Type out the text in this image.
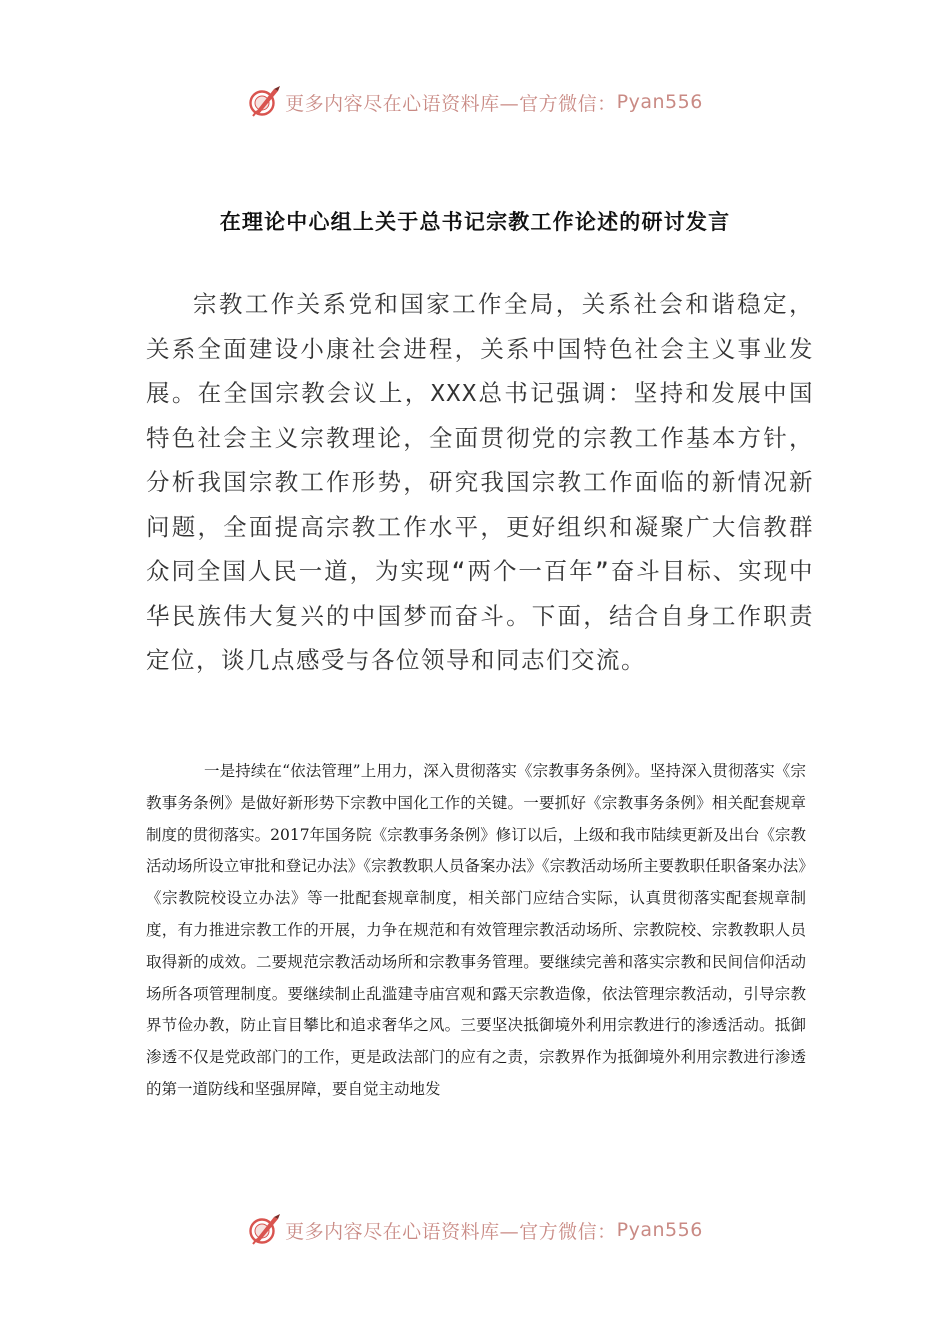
更多内容尽在心语资料库—官方微信： Pyan556
在理论中心组上关于总书记宗教工作论述的研讨发言

宗教工作关系党和国家工作全局，关系社会和谐稳定，关系全面建设小康社会进程，关系中国特色社会主义事业发展。在全国宗教会议上，XXX总书记强调：坚持和发展中国特色社会主义宗教理论，全面贯彻党的宗教工作基本方针，分析我国宗教工作形势，研究我国宗教工作面临的新情况新问题，全面提高宗教工作水平，更好组织和凝聚广大信教群众同全国人民一道，为实现“两个一百年”奋斗目标、实现中华民族伟大复兴的中国梦而奋斗。下面，结合自身工作职责定位，谈几点感受与各位领导和同志们交流。

一是持续在“依法管理”上用力，深入贯彻落实《宗教事务条例》。坚持深入贯彻落实《宗教事务条例》是做好新形势下宗教中国化工作的关键。一要抓好《宗教事务条例》相关配套规章制度的贯彻落实。2017年国务院《宗教事务条例》修订以后，上级和我市陆续更新及出台《宗教活动场所设立审批和登记办法》《宗教教职人员备案办法》《宗教活动场所主要教职任职备案办法》《宗教院校设立办法》等一批配套规章制度，相关部门应结合实际，认真贯彻落实配套规章制度，有力推进宗教工作的开展，力争在规范和有效管理宗教活动场所、宗教院校、宗教教职人员取得新的成效。二要规范宗教活动场所和宗教事务管理。要继续完善和落实宗教和民间信仰活动场所各项管理制度。要继续制止乱滥建寺庙宫观和露天宗教造像，依法管理宗教活动，引导宗教界节俭办教，防止盲目攀比和追求奢华之风。三要坚决抵御境外利用宗教进行的渗透活动。抵御渗透不仅是党政部门的工作，更是政法部门的应有之责，宗教界作为抵御境外利用宗教进行渗透的第一道防线和坚强屏障，要自觉主动地发

更多内容尽在心语资料库—官方微信： Pyan556
